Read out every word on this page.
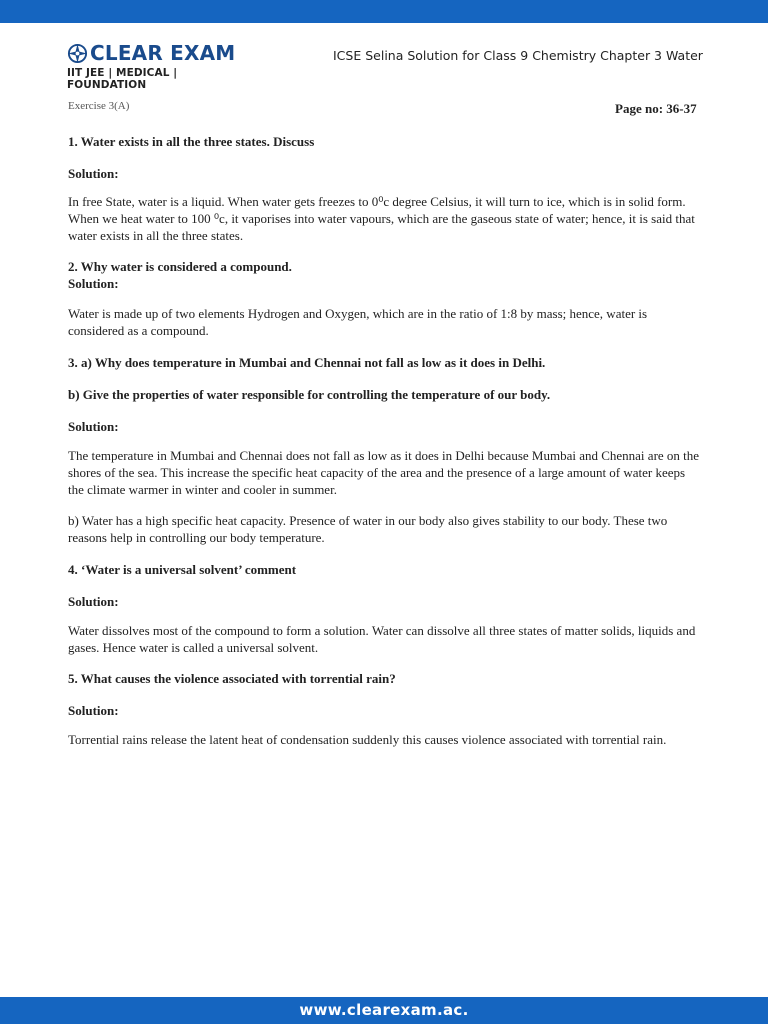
CLEAR EXAM
IIT JEE | MEDICAL | FOUNDATION
ICSE Selina Solution for Class 9 Chemistry Chapter 3 Water
Exercise 3(A)	Page no: 36-37

1. Water exists in all the three states. Discuss

Solution:

In free State, water is a liquid. When water gets freezes to 0⁰c degree Celsius, it will turn to ice, which is in solid form. When we heat water to 100 ⁰c, it vaporises into water vapours, which are the gaseous state of water; hence, it is said that water exists in all the three states.

2. Why water is considered a compound.

Solution:

Water is made up of two elements Hydrogen and Oxygen, which are in the ratio of 1:8 by mass; hence, water is considered as a compound.

3. a) Why does temperature in Mumbai and Chennai not fall as low as it does in Delhi.

b) Give the properties of water responsible for controlling the temperature of our body.

Solution:

The temperature in Mumbai and Chennai does not fall as low as it does in Delhi because Mumbai and Chennai are on the shores of the sea. This increase the specific heat capacity of the area and the presence of a large amount of water keeps the climate warmer in winter and cooler in summer.

b) Water has a high specific heat capacity. Presence of water in our body also gives stability to our body. These two reasons help in controlling our body temperature.

4. ‘Water is a universal solvent’ comment

Solution:

Water dissolves most of the compound to form a solution. Water can dissolve all three states of matter solids, liquids and gases. Hence water is called a universal solvent.

5. What causes the violence associated with torrential rain?

Solution:

Torrential rains release the latent heat of condensation suddenly this causes violence associated with torrential rain.

www.clearexam.ac.
